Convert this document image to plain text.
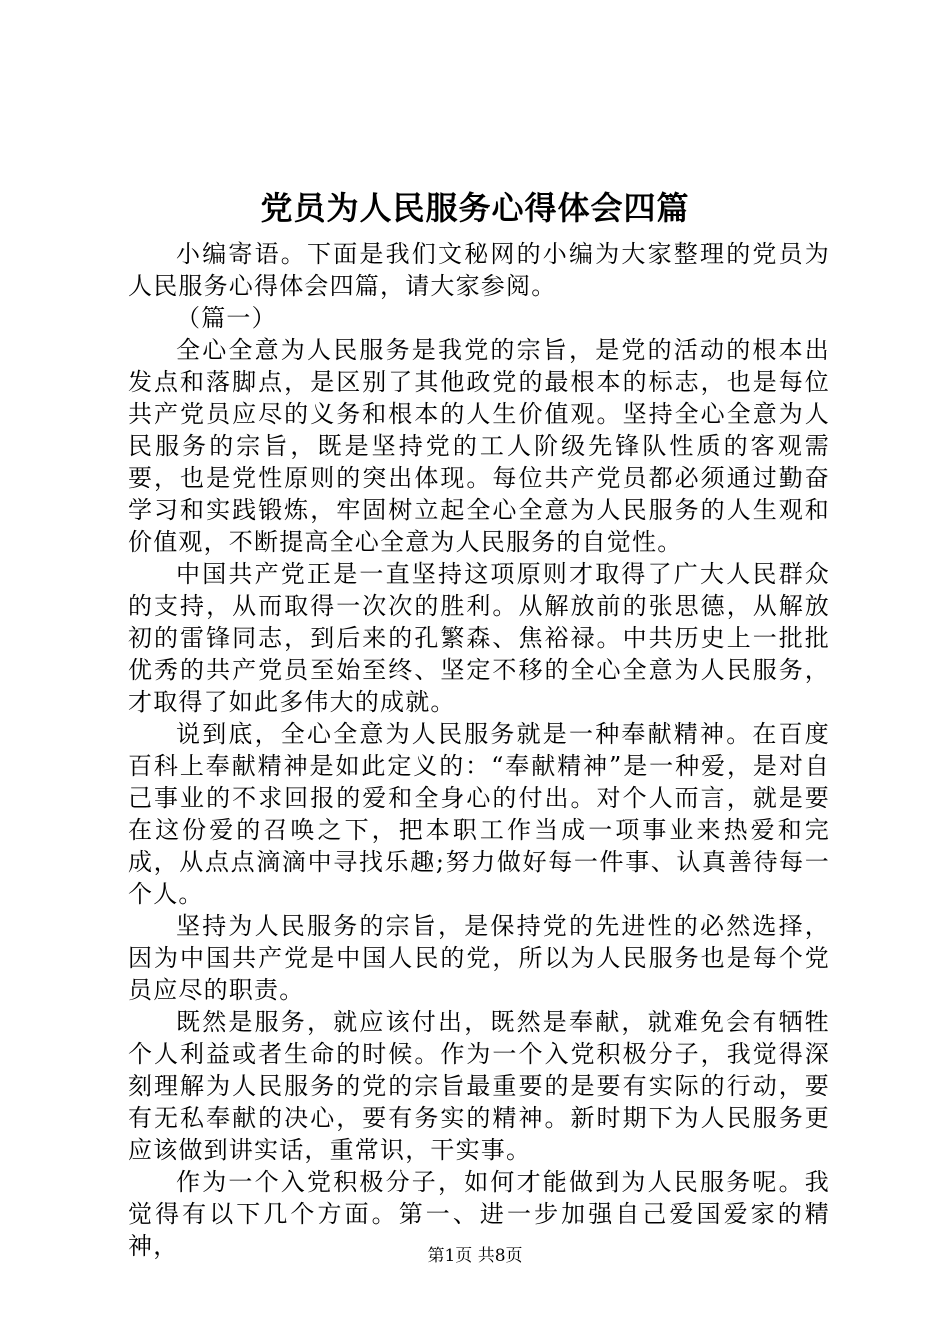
党员为人民服务心得体会四篇

小编寄语。下面是我们文秘网的小编为大家整理的党员为人民服务心得体会四篇，请大家参阅。

（篇一）

全心全意为人民服务是我党的宗旨，是党的活动的根本出发点和落脚点，是区别了其他政党的最根本的标志，也是每位共产党员应尽的义务和根本的人生价值观。坚持全心全意为人民服务的宗旨，既是坚持党的工人阶级先锋队性质的客观需要，也是党性原则的突出体现。每位共产党员都必须通过勤奋学习和实践锻炼，牢固树立起全心全意为人民服务的人生观和价值观，不断提高全心全意为人民服务的自觉性。

中国共产党正是一直坚持这项原则才取得了广大人民群众的支持，从而取得一次次的胜利。从解放前的张思德，从解放初的雷锋同志，到后来的孔繁森、焦裕禄。中共历史上一批批优秀的共产党员至始至终、坚定不移的全心全意为人民服务，才取得了如此多伟大的成就。

说到底，全心全意为人民服务就是一种奉献精神。在百度百科上奉献精神是如此定义的：“奉献精神”是一种爱，是对自己事业的不求回报的爱和全身心的付出。对个人而言，就是要在这份爱的召唤之下，把本职工作当成一项事业来热爱和完成，从点点滴滴中寻找乐趣;努力做好每一件事、认真善待每一个人。

坚持为人民服务的宗旨，是保持党的先进性的必然选择，因为中国共产党是中国人民的党，所以为人民服务也是每个党员应尽的职责。

既然是服务，就应该付出，既然是奉献，就难免会有牺牲个人利益或者生命的时候。作为一个入党积极分子，我觉得深刻理解为人民服务的党的宗旨最重要的是要有实际的行动，要有无私奉献的决心，要有务实的精神。新时期下为人民服务更应该做到讲实话，重常识，干实事。

作为一个入党积极分子，如何才能做到为人民服务呢。我觉得有以下几个方面。第一、进一步加强自己爱国爱家的精神，	第1页 共8页
